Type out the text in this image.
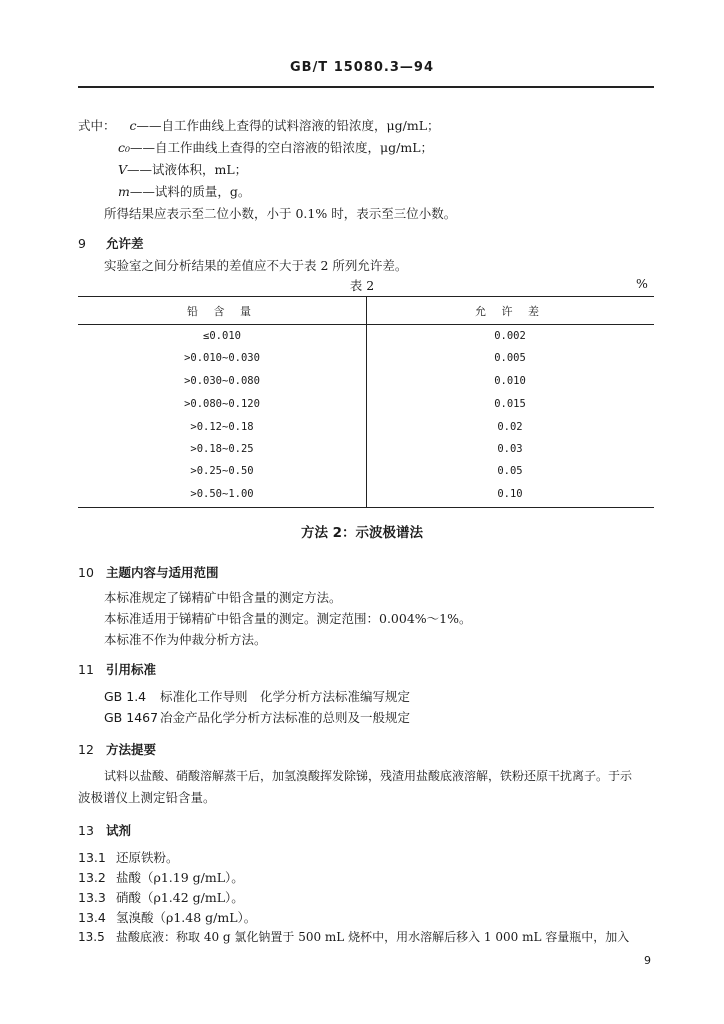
GB/T 15080.3—94
式中： c——自工作曲线上查得的试料溶液的铅浓度，μg/mL；
c₀——自工作曲线上查得的空白溶液的铅浓度，μg/mL；
V——试液体积，mL；
m——试料的质量，g。
所得结果应表示至二位小数，小于 0.1% 时，表示至三位小数。
9 允许差
实验室之间分析结果的差值应不大于表 2 所列允许差。
表 2	%
铅 含 量	允 许 差
≤0.010	0.002
>0.010~0.030	0.005
>0.030~0.080	0.010
>0.080~0.120	0.015
>0.12~0.18	0.02
>0.18~0.25	0.03
>0.25~0.50	0.05
>0.50~1.00	0.10
方法 2：示波极谱法
10 主题内容与适用范围
本标准规定了锑精矿中铅含量的测定方法。
本标准适用于锑精矿中铅含量的测定。测定范围：0.004%～1%。
本标准不作为仲裁分析方法。
11 引用标准
GB 1.4 标准化工作导则　化学分析方法标准编写规定
GB 1467 冶金产品化学分析方法标准的总则及一般规定
12 方法提要
试料以盐酸、硝酸溶解蒸干后，加氢溴酸挥发除锑，残渣用盐酸底液溶解，铁粉还原干扰离子。于示
波极谱仪上测定铅含量。
13 试剂
13.1 还原铁粉。
13.2 盐酸（ρ1.19 g/mL）。
13.3 硝酸（ρ1.42 g/mL）。
13.4 氢溴酸（ρ1.48 g/mL）。
13.5 盐酸底液：称取 40 g 氯化钠置于 500 mL 烧杯中，用水溶解后移入 1 000 mL 容量瓶中，加入
9
